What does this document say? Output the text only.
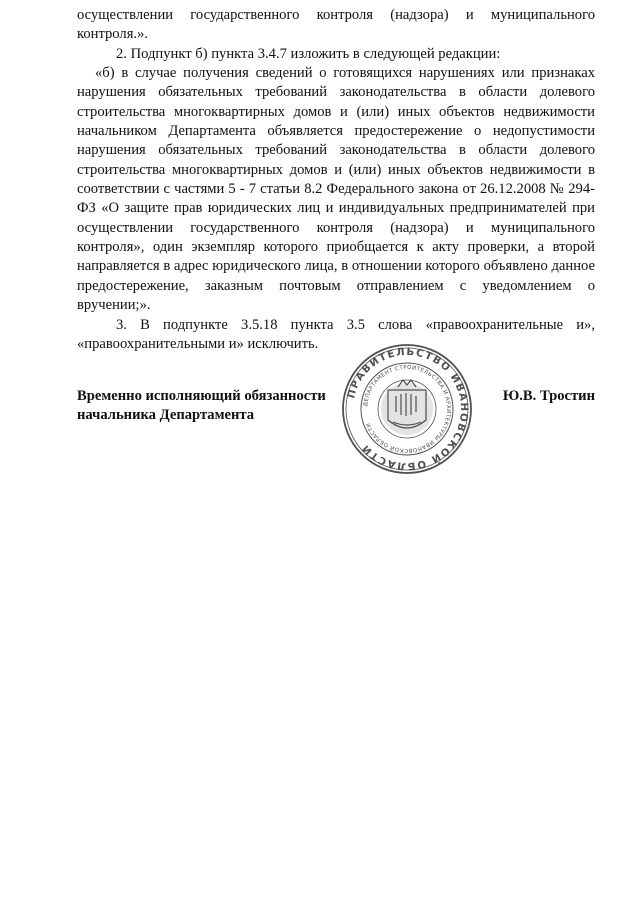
осуществлении государственного контроля (надзора) и муниципального контроля.».

2. Подпункт б) пункта 3.4.7 изложить в следующей редакции:

«б) в случае получения сведений о готовящихся нарушениях или признаках нарушения обязательных требований законодательства в области долевого строительства многоквартирных домов и (или) иных объектов недвижимости начальником Департамента объявляется предостережение о недопустимости нарушения обязательных требований законодательства в области долевого строительства многоквартирных домов и (или) иных объектов недвижимости в соответствии с частями 5 - 7 статьи 8.2 Федерального закона от 26.12.2008 № 294-ФЗ «О защите прав юридических лиц и индивидуальных предпринимателей при осуществлении государственного контроля (надзора) и муниципального контроля», один экземпляр которого приобщается к акту проверки, а второй направляется в адрес юридического лица, в отношении которого объявлено данное предостережение, заказным почтовым отправлением с уведомлением о вручении;».

3. В подпункте 3.5.18 пункта 3.5 слова «правоохранительные и», «правоохранительными и» исключить.

Временно исполняющий обязанности
начальника Департамента
ПРАВИТЕЛЬСТВО ИВАНОВСКОЙ ОБЛАСТИ
ДЕПАРТАМЕНТ СТРОИТЕЛЬСТВА И АРХИТЕКТУРЫ ИВАНОВСКОЙ ОБЛАСТИ
Ю.В. Тростин
